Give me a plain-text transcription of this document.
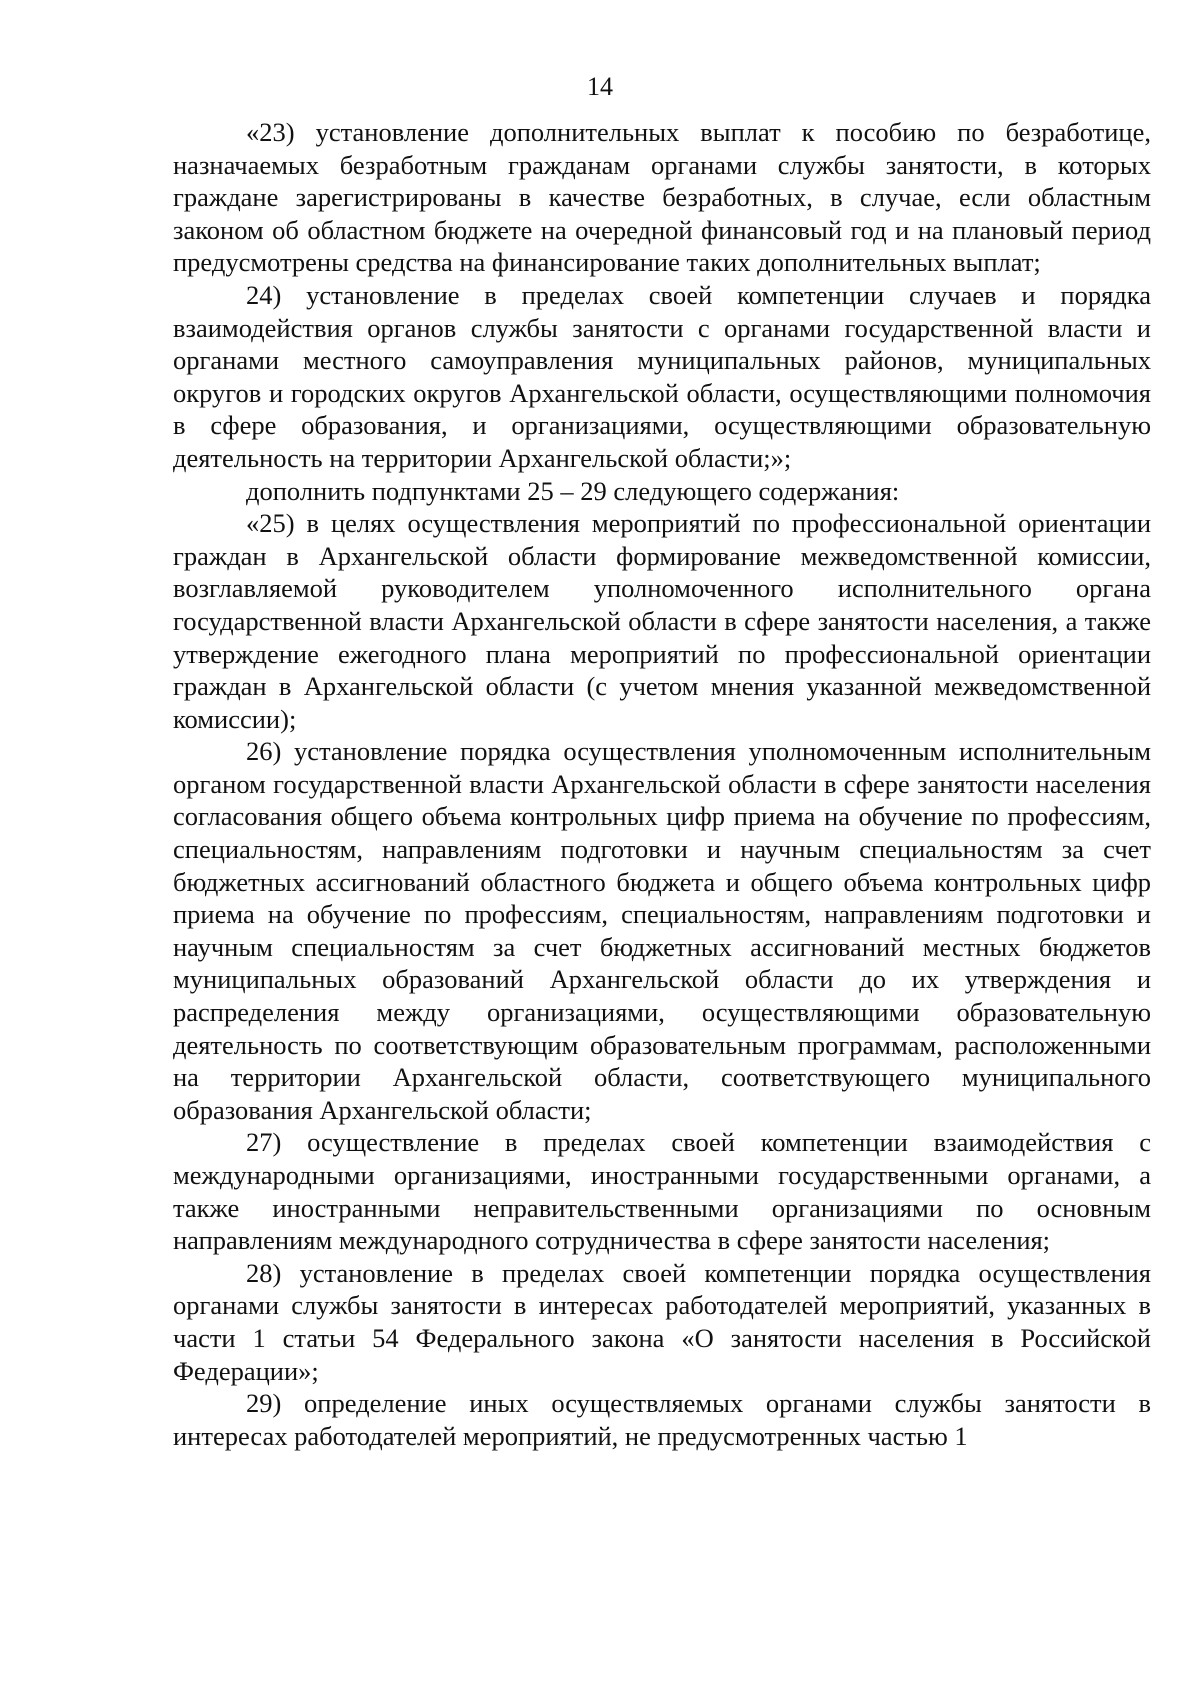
14

«23) установление дополнительных выплат к пособию по безработице, назначаемых безработным гражданам органами службы занятости, в которых граждане зарегистрированы в качестве безработных, в случае, если областным законом об областном бюджете на очередной финансовый год и на плановый период предусмотрены средства на финансирование таких дополнительных выплат;

24) установление в пределах своей компетенции случаев и порядка взаимодействия органов службы занятости с органами государственной власти и органами местного самоуправления муниципальных районов, муниципальных округов и городских округов Архангельской области, осуществляющими полномочия в сфере образования, и организациями, осуществляющими образовательную деятельность на территории Архангельской области;»;

дополнить подпунктами 25 – 29 следующего содержания:

«25) в целях осуществления мероприятий по профессиональной ориентации граждан в Архангельской области формирование межведомственной комиссии, возглавляемой руководителем уполномоченного исполнительного органа государственной власти Архангельской области в сфере занятости населения, а также утверждение ежегодного плана мероприятий по профессиональной ориентации граждан в Архангельской области (с учетом мнения указанной межведомственной комиссии);

26) установление порядка осуществления уполномоченным исполнительным органом государственной власти Архангельской области в сфере занятости населения согласования общего объема контрольных цифр приема на обучение по профессиям, специальностям, направлениям подготовки и научным специальностям за счет бюджетных ассигнований областного бюджета и общего объема контрольных цифр приема на обучение по профессиям, специальностям, направлениям подготовки и научным специальностям за счет бюджетных ассигнований местных бюджетов муниципальных образований Архангельской области до их утверждения и распределения между организациями, осуществляющими образовательную деятельность по соответствующим образовательным программам, расположенными на территории Архангельской области, соответствующего муниципального образования Архангельской области;

27) осуществление в пределах своей компетенции взаимодействия с международными организациями, иностранными государственными органами, а также иностранными неправительственными организациями по основным направлениям международного сотрудничества в сфере занятости населения;

28) установление в пределах своей компетенции порядка осуществления органами службы занятости в интересах работодателей мероприятий, указанных в части 1 статьи 54 Федерального закона «О занятости населения в Российской Федерации»;

29) определение иных осуществляемых органами службы занятости в интересах работодателей мероприятий, не предусмотренных частью 1
